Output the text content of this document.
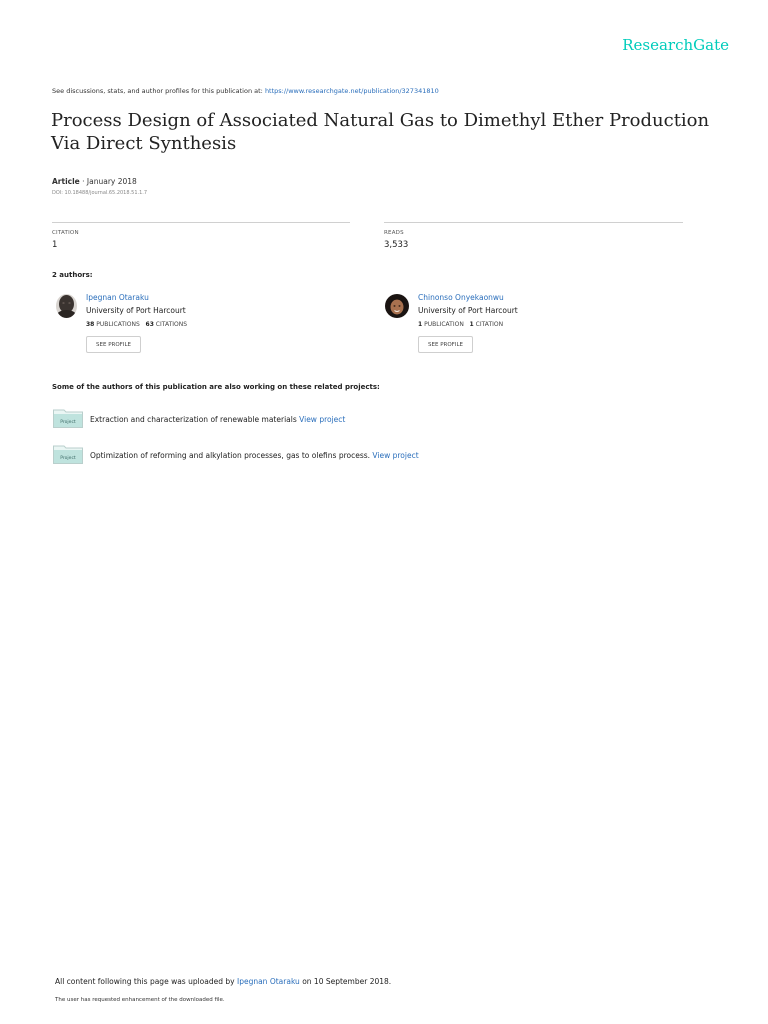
ResearchGate
See discussions, stats, and author profiles for this publication at: https://www.researchgate.net/publication/327341810
Process Design of Associated Natural Gas to Dimethyl Ether Production Via Direct Synthesis
Article · January 2018
DOI: 10.18488/journal.65.2018.51.1.7
CITATION
1
READS
3,533
2 authors:
Ipegnan Otaraku
University of Port Harcourt
38 PUBLICATIONS 63 CITATIONS
SEE PROFILE
Chinonso Onyekaonwu
University of Port Harcourt
1 PUBLICATION 1 CITATION
SEE PROFILE
Some of the authors of this publication are also working on these related projects:
Project Extraction and characterization of renewable materials View project
Project Optimization of reforming and alkylation processes, gas to olefins process. View project
All content following this page was uploaded by Ipegnan Otaraku on 10 September 2018.
The user has requested enhancement of the downloaded file.
